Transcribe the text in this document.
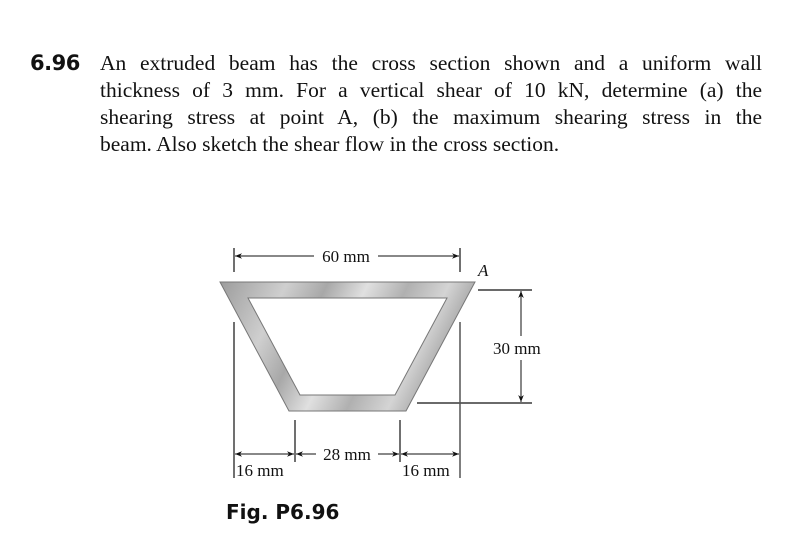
6.96 An extruded beam has the cross section shown and a uniform wall
thickness of 3 mm. For a vertical shear of 10 kN, determine (a) the
shearing stress at point A, (b) the maximum shearing stress in the
beam. Also sketch the shear flow in the cross section.
60 mm
A
30 mm
16 mm
28 mm
16 mm
Fig. P6.96
